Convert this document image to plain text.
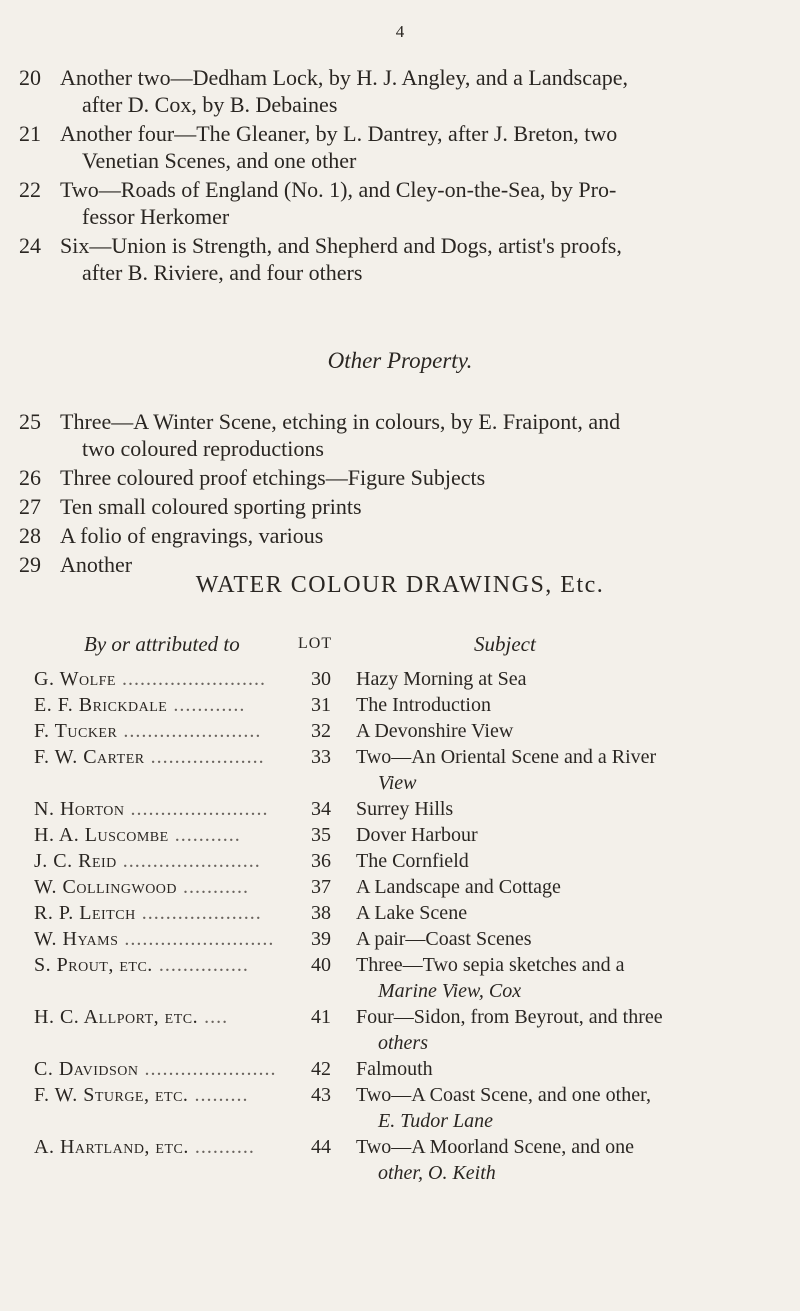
4
20 Another two—Dedham Lock, by H. J. Angley, and a Landscape,
after D. Cox, by B. Debaines
21 Another four—The Gleaner, by L. Dantrey, after J. Breton, two
Venetian Scenes, and one other
22 Two—Roads of England (No. 1), and Cley-on-the-Sea, by Pro-
fessor Herkomer
24 Six—Union is Strength, and Shepherd and Dogs, artist's proofs,
after B. Riviere, and four others
Other Property.
25 Three—A Winter Scene, etching in colours, by E. Fraipont, and
two coloured reproductions
26 Three coloured proof etchings—Figure Subjects
27 Ten small coloured sporting prints
28 A folio of engravings, various
29 Another
WATER COLOUR DRAWINGS, Etc.
By or attributed to	LOT	Subject
G. Wolfe ........................	30	Hazy Morning at Sea
E. F. Brickdale ............	31	The Introduction
F. Tucker .......................	32	A Devonshire View
F. W. Carter ...................	33	Two—An Oriental Scene and a River
View
N. Horton .......................	34	Surrey Hills
H. A. Luscombe ...........	35	Dover Harbour
J. C. Reid .......................	36	The Cornfield
W. Collingwood ...........	37	A Landscape and Cottage
R. P. Leitch ....................	38	A Lake Scene
W. Hyams .........................	39	A pair—Coast Scenes
S. Prout, etc. ...............	40	Three—Two sepia sketches and a
Marine View, Cox
H. C. Allport, etc. ....	41	Four—Sidon, from Beyrout, and three
others
C. Davidson ......................	42	Falmouth
F. W. Sturge, etc. .........	43	Two—A Coast Scene, and one other,
E. Tudor Lane
A. Hartland, etc. ..........	44	Two—A Moorland Scene, and one
other, O. Keith
